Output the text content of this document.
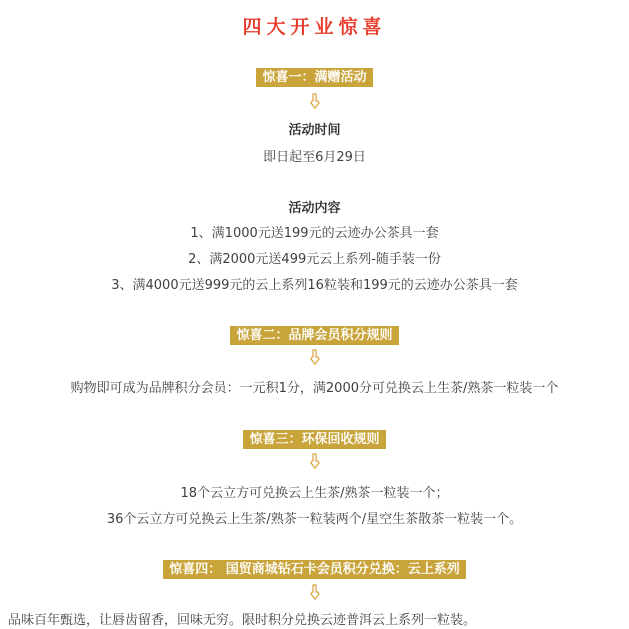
四大开业惊喜
惊喜一：满赠活动
活动时间
即日起至6月29日
活动内容
1、满1000元送199元的云迹办公茶具一套
2、满2000元送499元云上系列-随手装一份
3、满4000元送999元的云上系列16粒装和199元的云迹办公茶具一套
惊喜二：品牌会员积分规则
购物即可成为品牌积分会员：一元积1分，满2000分可兑换云上生茶/熟茶一粒装一个
惊喜三：环保回收规则
18个云立方可兑换云上生茶/熟茶一粒装一个；
36个云立方可兑换云上生茶/熟茶一粒装两个/星空生茶散茶一粒装一个。
惊喜四： 国贸商城钻石卡会员积分兑换：云上系列
品味百年甄选，让唇齿留香，回味无穷。限时积分兑换云迹普洱云上系列一粒装。
